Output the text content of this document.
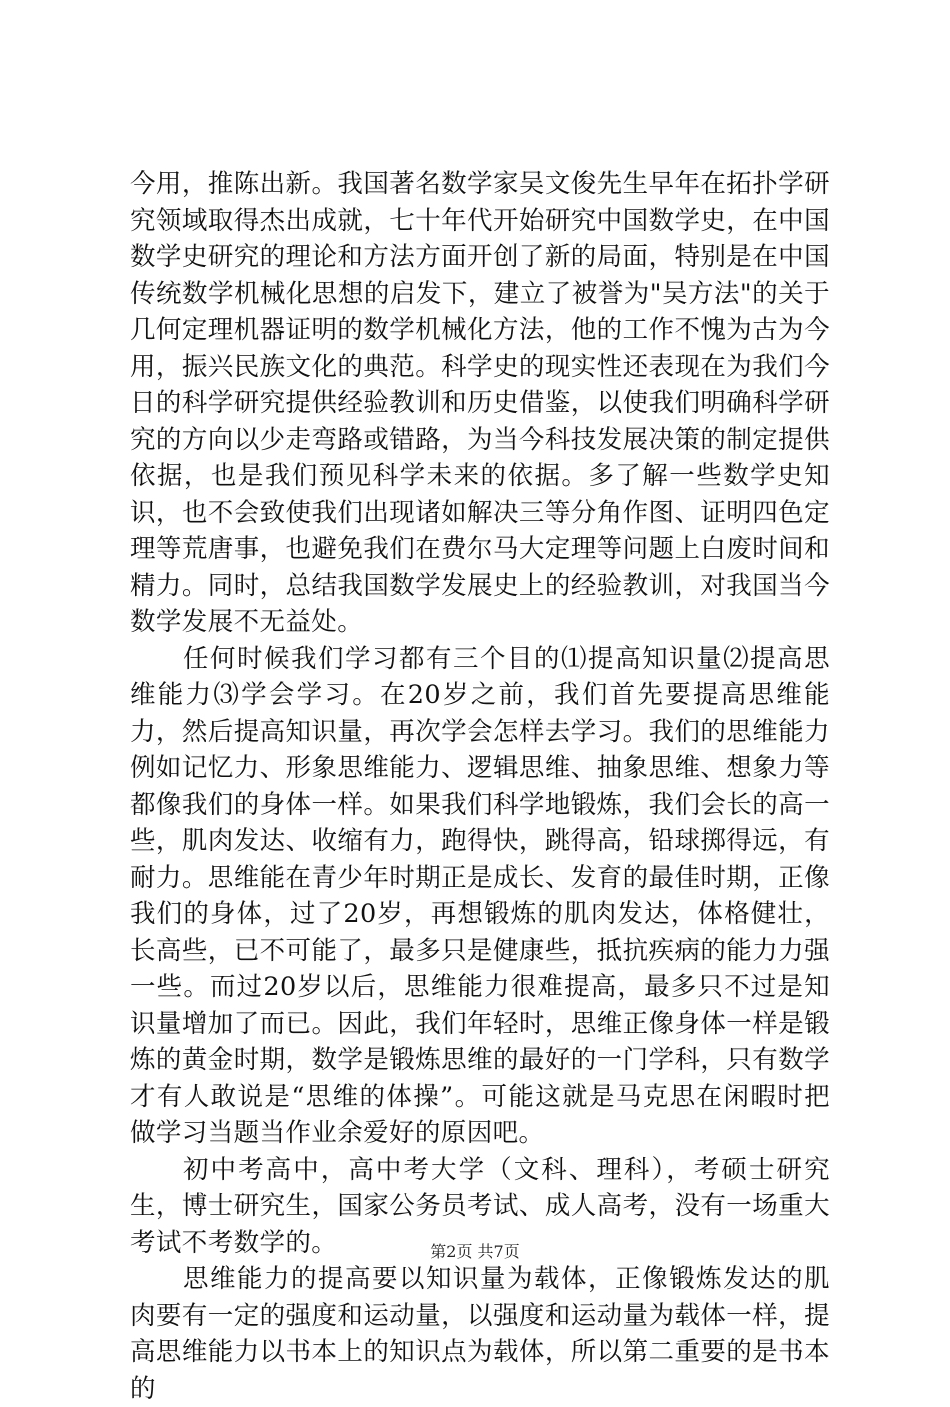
今用，推陈出新。我国著名数学家吴文俊先生早年在拓扑学研究领域取得杰出成就，七十年代开始研究中国数学史，在中国数学史研究的理论和方法方面开创了新的局面，特别是在中国传统数学机械化思想的启发下，建立了被誉为"吴方法"的关于几何定理机器证明的数学机械化方法，他的工作不愧为古为今用，振兴民族文化的典范。科学史的现实性还表现在为我们今日的科学研究提供经验教训和历史借鉴，以使我们明确科学研究的方向以少走弯路或错路，为当今科技发展决策的制定提供依据，也是我们预见科学未来的依据。多了解一些数学史知识，也不会致使我们出现诸如解决三等分角作图、证明四色定理等荒唐事，也避免我们在费尔马大定理等问题上白废时间和精力。同时，总结我国数学发展史上的经验教训，对我国当今数学发展不无益处。

任何时候我们学习都有三个目的⑴提高知识量⑵提高思维能力⑶学会学习。在20岁之前，我们首先要提高思维能力，然后提高知识量，再次学会怎样去学习。我们的思维能力例如记忆力、形象思维能力、逻辑思维、抽象思维、想象力等都像我们的身体一样。如果我们科学地锻炼，我们会长的高一些，肌肉发达、收缩有力，跑得快，跳得高，铅球掷得远，有耐力。思维能在青少年时期正是成长、发育的最佳时期，正像我们的身体，过了20岁，再想锻炼的肌肉发达，体格健壮，长高些，已不可能了，最多只是健康些，抵抗疾病的能力力强一些。而过20岁以后，思维能力很难提高，最多只不过是知识量增加了而已。因此，我们年轻时，思维正像身体一样是锻炼的黄金时期，数学是锻炼思维的最好的一门学科，只有数学才有人敢说是“思维的体操”。可能这就是马克思在闲暇时把做学习当题当作业余爱好的原因吧。

初中考高中，高中考大学（文科、理科），考硕士研究生，博士研究生，国家公务员考试、成人高考，没有一场重大考试不考数学的。

思维能力的提高要以知识量为载体，正像锻炼发达的肌肉要有一定的强度和运动量，以强度和运动量为载体一样，提高思维能力以书本上的知识点为载体，所以第二重要的是书本的

第2页 共7页
